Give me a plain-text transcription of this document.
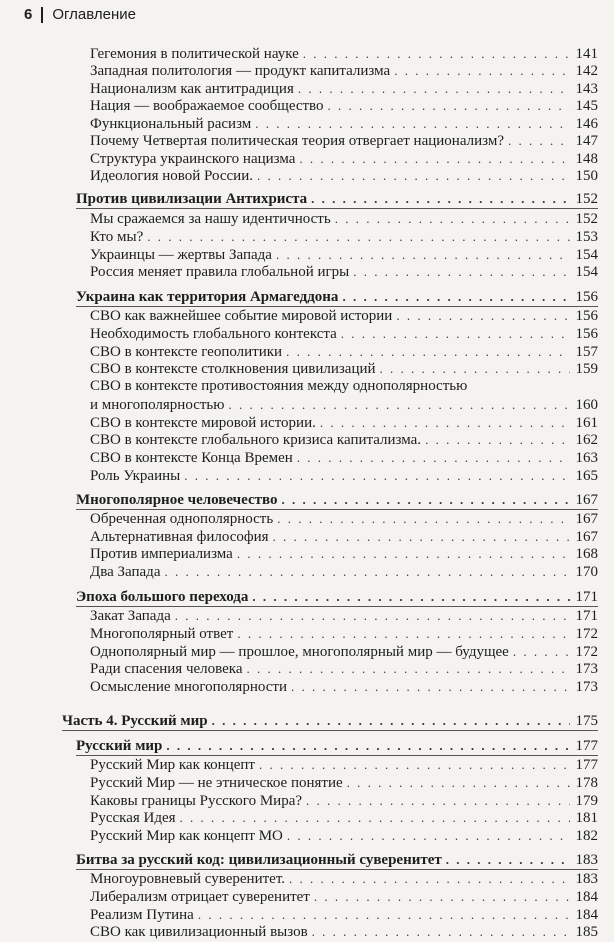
6 Оглавление
Гегемония в политической науке . . .	141
Западная политология — продукт капитализма . . .	142
Национализм как антитрадиция . . .	143
Нация — воображаемое сообщество . . .	145
Функциональный расизм . . .	146
Почему Четвертая политическая теория отвергает национализм? . . .	147
Структура украинского нацизма . . .	148
Идеология новой России. . . .	150
Против цивилизации Антихриста . . .	152
Мы сражаемся за нашу идентичность . . .	152
Кто мы? . . .	153
Украинцы — жертвы Запада . . .	154
Россия меняет правила глобальной игры . . .	154
Украина как территория Армагеддона . . .	156
СВО как важнейшее событие мировой истории . . .	156
Необходимость глобального контекста . . .	156
СВО в контексте геополитики . . .	157
СВО в контексте столкновения цивилизаций . . .	159
СВО в контексте противостояния между однополярностью
и многополярностью . . .	160
СВО в контексте мировой истории. . . .	161
СВО в контексте глобального кризиса капитализма. . . .	162
СВО в контексте Конца Времен . . .	163
Роль Украины . . .	165
Многополярное человечество . . .	167
Обреченная однополярность . . .	167
Альтернативная философия . . .	167
Против империализма . . .	168
Два Запада . . .	170
Эпоха большого перехода . . .	171
Закат Запада . . .	171
Многополярный ответ . . .	172
Однополярный мир — прошлое, многополярный мир — будущее . . .	172
Ради спасения человека . . .	173
Осмысление многополярности . . .	173
Часть 4. Русский мир . . .	175
Русский мир . . .	177
Русский Мир как концепт . . .	177
Русский Мир — не этническое понятие . . .	178
Каковы границы Русского Мира? . . .	179
Русская Идея . . .	181
Русский Мир как концепт МО . . .	182
Битва за русский код: цивилизационный суверенитет . . .	183
Многоуровневый суверенитет. . . .	183
Либерализм отрицает суверенитет . . .	184
Реализм Путина . . .	184
СВО как цивилизационный вызов . . .	185
